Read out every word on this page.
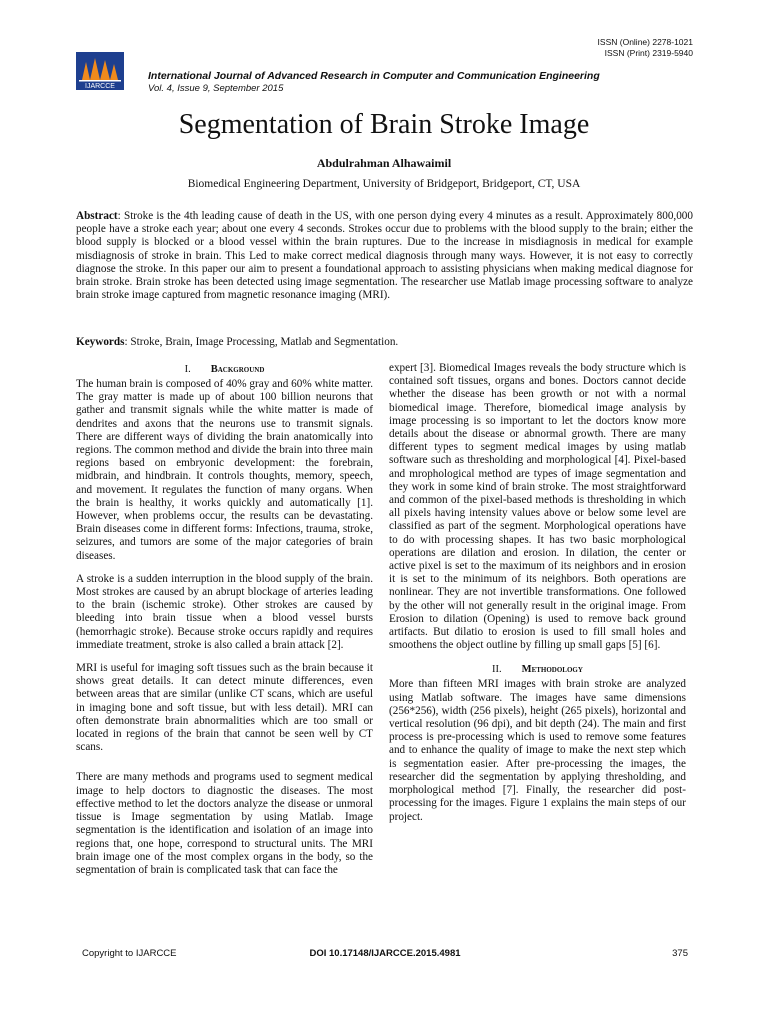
ISSN (Online) 2278-1021
ISSN (Print) 2319-5940
IJARCCE
International Journal of Advanced Research in Computer and Communication Engineering
Vol. 4, Issue 9, September 2015
Segmentation of Brain Stroke Image
Abdulrahman Alhawaimil
Biomedical Engineering Department, University of Bridgeport, Bridgeport, CT, USA
Abstract: Stroke is the 4th leading cause of death in the US, with one person dying every 4 minutes as a result. Approximately 800,000 people have a stroke each year; about one every 4 seconds. Strokes occur due to problems with the blood supply to the brain; either the blood supply is blocked or a blood vessel within the brain ruptures. Due to the increase in misdiagnosis in medical for example misdiagnosis of stroke in brain. This Led to make correct medical diagnosis through many ways. However, it is not easy to correctly diagnose the stroke. In this paper our aim to present a foundational approach to assisting physicians when making medical diagnose for brain stroke. Brain stroke has been detected using image segmentation. The researcher use Matlab image processing software to analyze brain stroke image captured from magnetic resonance imaging (MRI).
Keywords: Stroke, Brain, Image Processing, Matlab and Segmentation.
I. Background

The human brain is composed of 40% gray and 60% white matter. The gray matter is made up of about 100 billion neurons that gather and transmit signals while the white matter is made of dendrites and axons that the neurons use to transmit signals. There are different ways of dividing the brain anatomically into regions. The common method and divide the brain into three main regions based on embryonic development: the forebrain, midbrain, and hindbrain. It controls thoughts, memory, speech, and movement. It regulates the function of many organs. When the brain is healthy, it works quickly and automatically [1]. However, when problems occur, the results can be devastating. Brain diseases come in different forms: Infections, trauma, stroke, seizures, and tumors are some of the major categories of brain diseases.

A stroke is a sudden interruption in the blood supply of the brain. Most strokes are caused by an abrupt blockage of arteries leading to the brain (ischemic stroke). Other strokes are caused by bleeding into brain tissue when a blood vessel bursts (hemorrhagic stroke). Because stroke occurs rapidly and requires immediate treatment, stroke is also called a brain attack [2].

MRI is useful for imaging soft tissues such as the brain because it shows great details. It can detect minute differences, even between areas that are similar (unlike CT scans, which are useful in imaging bone and soft tissue, but with less detail). MRI can often demonstrate brain abnormalities which are too small or located in regions of the brain that cannot be seen well by CT scans.

There are many methods and programs used to segment medical image to help doctors to diagnostic the diseases. The most effective method to let the doctors analyze the disease or unmoral tissue is Image segmentation by using Matlab. Image segmentation is the identification and isolation of an image into regions that, one hope, correspond to structural units. The MRI brain image one of the most complex organs in the body, so the segmentation of brain is complicated task that can face the

expert [3]. Biomedical Images reveals the body structure which is contained soft tissues, organs and bones. Doctors cannot decide whether the disease has been growth or not with a normal biomedical image. Therefore, biomedical image analysis by image processing is so important to let the doctors know more details about the disease or abnormal growth. There are many different types to segment medical images by using matlab software such as thresholding and morphological [4]. Pixel-based and mrophological method are types of image segmentation and they work in some kind of brain stroke. The most straightforward and common of the pixel-based methods is thresholding in which all pixels having intensity values above or below some level are classified as part of the segment. Morphological operations have to do with processing shapes. It has two basic morphological operations are dilation and erosion. In dilation, the center or active pixel is set to the maximum of its neighbors and in erosion it is set to the minimum of its neighbors. Both operations are nonlinear. They are not invertible transformations. One followed by the other will not generally result in the original image. From Erosion to dilation (Opening) is used to remove back ground artifacts. But dilatio to erosion is used to fill small holes and smoothens the object outline by filling up small gaps [5] [6].

II. Methodology

More than fifteen MRI images with brain stroke are analyzed using Matlab software. The images have same dimensions (256*256), width (256 pixels), height (265 pixels), horizontal and vertical resolution (96 dpi), and bit depth (24). The main and first process is pre-processing which is used to remove some features and to enhance the quality of image to make the next step which is segmentation easier. After pre-processing the images, the researcher did the segmentation by applying thresholding, and morphological method [7]. Finally, the researcher did post-processing for the images. Figure 1 explains the main steps of our project.

Copyright to IJARCCE	DOI 10.17148/IJARCCE.2015.4981	375
